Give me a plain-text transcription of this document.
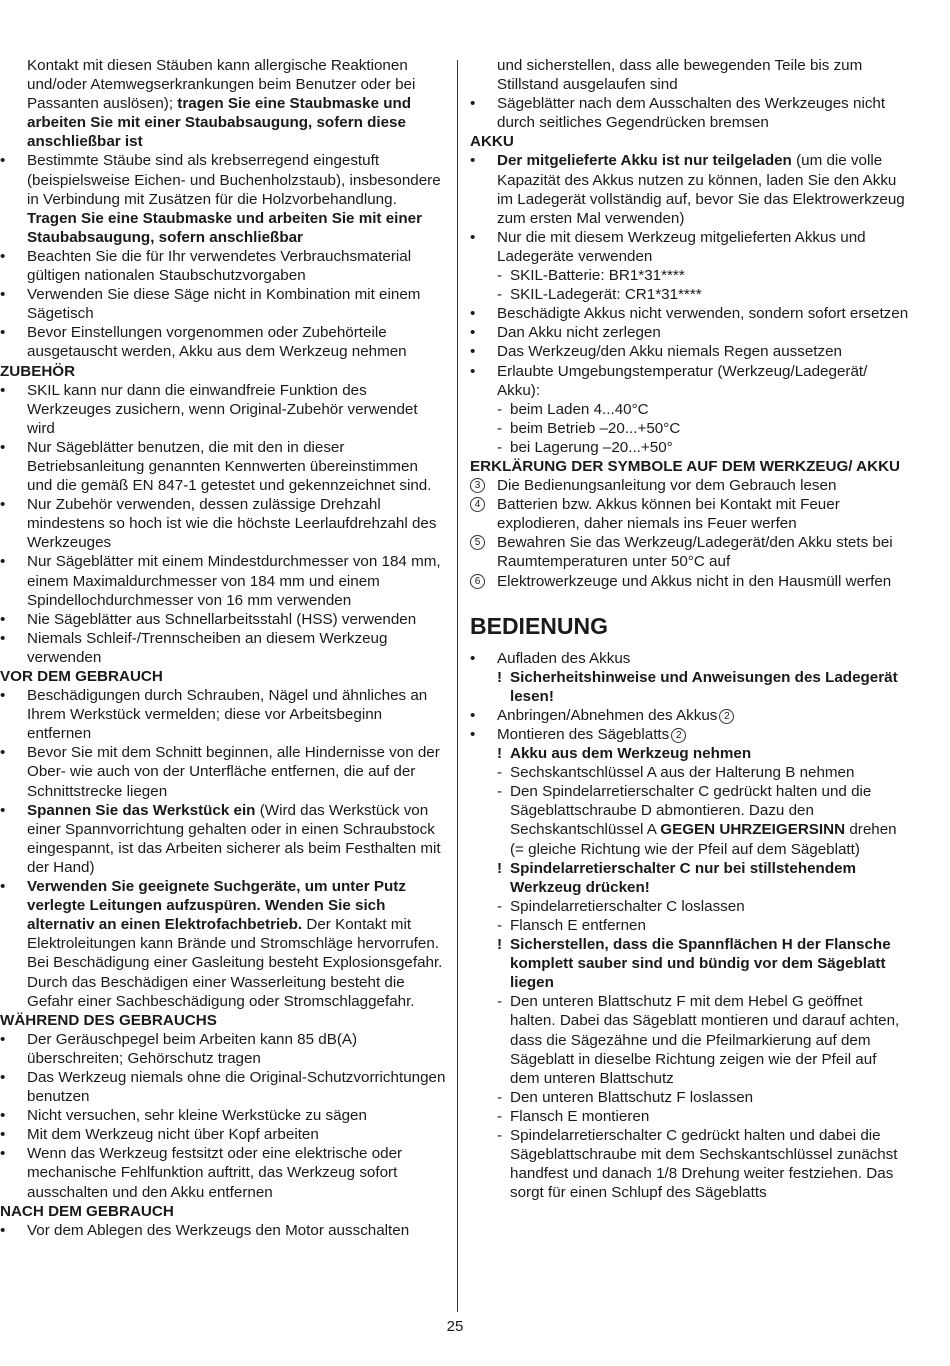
Kontakt mit diesen Stäuben kann allergische Reaktionen und/oder Atemwegserkrankungen beim Benutzer oder bei Passanten auslösen); tragen Sie eine Staubmaske und arbeiten Sie mit einer Staubabsaugung, sofern diese anschließbar ist
• Bestimmte Stäube sind als krebserregend eingestuft (beispielsweise Eichen- und Buchenholzstaub), insbesondere in Verbindung mit Zusätzen für die Holzvorbehandlung. Tragen Sie eine Staubmaske und arbeiten Sie mit einer Staubabsaugung, sofern anschließbar
• Beachten Sie die für Ihr verwendetes Verbrauchsmaterial gültigen nationalen Staubschutzvorgaben
• Verwenden Sie diese Säge nicht in Kombination mit einem Sägetisch
• Bevor Einstellungen vorgenommen oder Zubehörteile ausgetauscht werden, Akku aus dem Werkzeug nehmen
ZUBEHÖR
• SKIL kann nur dann die einwandfreie Funktion des Werkzeuges zusichern, wenn Original-Zubehör verwendet wird
• Nur Sägeblätter benutzen, die mit den in dieser Betriebsanleitung genannten Kennwerten übereinstimmen und die gemäß EN 847-1 getestet und gekennzeichnet sind.
• Nur Zubehör verwenden, dessen zulässige Drehzahl mindestens so hoch ist wie die höchste Leerlaufdrehzahl des Werkzeuges
• Nur Sägeblätter mit einem Mindestdurchmesser von 184 mm, einem Maximaldurchmesser von 184 mm und einem Spindellochdurchmesser von 16 mm verwenden
• Nie Sägeblätter aus Schnellarbeitsstahl (HSS) verwenden
• Niemals Schleif-/Trennscheiben an diesem Werkzeug verwenden
VOR DEM GEBRAUCH
• Beschädigungen durch Schrauben, Nägel und ähnliches an Ihrem Werkstück vermelden; diese vor Arbeitsbeginn entfernen
• Bevor Sie mit dem Schnitt beginnen, alle Hindernisse von der Ober- wie auch von der Unterfläche entfernen, die auf der Schnittstrecke liegen
• Spannen Sie das Werkstück ein (Wird das Werkstück von einer Spannvorrichtung gehalten oder in einen Schraubstock eingespannt, ist das Arbeiten sicherer als beim Festhalten mit der Hand)
• Verwenden Sie geeignete Suchgeräte, um unter Putz verlegte Leitungen aufzuspüren. Wenden Sie sich alternativ an einen Elektrofachbetrieb. Der Kontakt mit Elektroleitungen kann Brände und Stromschläge hervorrufen. Bei Beschädigung einer Gasleitung besteht Explosionsgefahr. Durch das Beschädigen einer Wasserleitung besteht die Gefahr einer Sachbeschädigung oder Stromschlaggefahr.
WÄHREND DES GEBRAUCHS
• Der Geräuschpegel beim Arbeiten kann 85 dB(A) überschreiten; Gehörschutz tragen
• Das Werkzeug niemals ohne die Original-Schutzvorrichtungen benutzen
• Nicht versuchen, sehr kleine Werkstücke zu sägen
• Mit dem Werkzeug nicht über Kopf arbeiten
• Wenn das Werkzeug festsitzt oder eine elektrische oder mechanische Fehlfunktion auftritt, das Werkzeug sofort ausschalten und den Akku entfernen
NACH DEM GEBRAUCH
• Vor dem Ablegen des Werkzeugs den Motor ausschalten
und sicherstellen, dass alle bewegenden Teile bis zum Stillstand ausgelaufen sind
• Sägeblätter nach dem Ausschalten des Werkzeuges nicht durch seitliches Gegendrücken bremsen
AKKU
• Der mitgelieferte Akku ist nur teilgeladen (um die volle Kapazität des Akkus nutzen zu können, laden Sie den Akku im Ladegerät vollständig auf, bevor Sie das Elektrowerkzeug zum ersten Mal verwenden)
• Nur die mit diesem Werkzeug mitgelieferten Akkus und Ladegeräte verwenden
- SKIL-Batterie: BR1*31****
- SKIL-Ladegerät: CR1*31****
• Beschädigte Akkus nicht verwenden, sondern sofort ersetzen
• Dan Akku nicht zerlegen
• Das Werkzeug/den Akku niemals Regen aussetzen
• Erlaubte Umgebungstemperatur (Werkzeug/Ladegerät/ Akku):
- beim Laden 4...40°C
- beim Betrieb –20...+50°C
- bei Lagerung –20...+50°
ERKLÄRUNG DER SYMBOLE AUF DEM WERKZEUG/ AKKU
3	Die Bedienungsanleitung vor dem Gebrauch lesen
4	Batterien bzw. Akkus können bei Kontakt mit Feuer explodieren, daher niemals ins Feuer werfen
5	Bewahren Sie das Werkzeug/Ladegerät/den Akku stets bei Raumtemperaturen unter 50°C auf
6	Elektrowerkzeuge und Akkus nicht in den Hausmüll werfen
BEDIENUNG
• Aufladen des Akkus
! Sicherheitshinweise und Anweisungen des Ladegerät lesen!
• Anbringen/Abnehmen des Akkus 2
• Montieren des Sägeblatts 2
! Akku aus dem Werkzeug nehmen
- Sechskantschlüssel A aus der Halterung B nehmen
- Den Spindelarretierschalter C gedrückt halten und die Sägeblattschraube D abmontieren. Dazu den Sechskantschlüssel A GEGEN UHRZEIGERSINN drehen (= gleiche Richtung wie der Pfeil auf dem Sägeblatt)
! Spindelarretierschalter C nur bei stillstehendem Werkzeug drücken!
- Spindelarretierschalter C loslassen
- Flansch E entfernen
! Sicherstellen, dass die Spannflächen H der Flansche komplett sauber sind und bündig vor dem Sägeblatt liegen
- Den unteren Blattschutz F mit dem Hebel G geöffnet halten. Dabei das Sägeblatt montieren und darauf achten, dass die Sägezähne und die Pfeilmarkierung auf dem Sägeblatt in dieselbe Richtung zeigen wie der Pfeil auf dem unteren Blattschutz
- Den unteren Blattschutz F loslassen
- Flansch E montieren
- Spindelarretierschalter C gedrückt halten und dabei die Sägeblattschraube mit dem Sechskantschlüssel zunächst handfest und danach 1/8 Drehung weiter festziehen. Das sorgt für einen Schlupf des Sägeblatts
25
